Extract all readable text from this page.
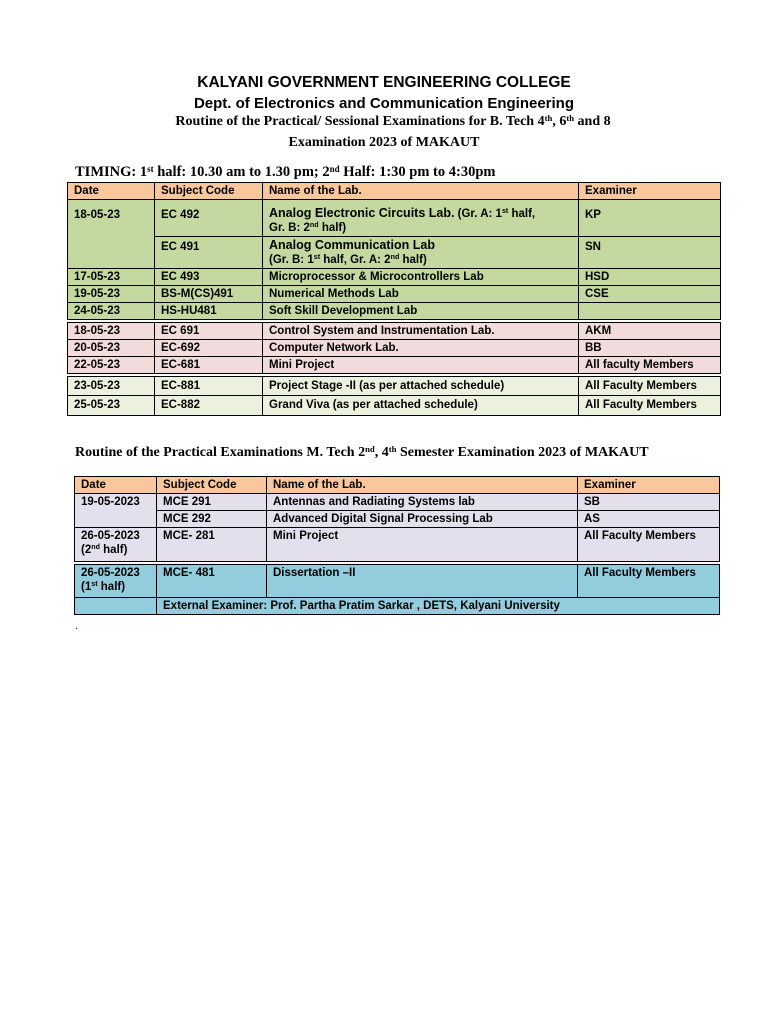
KALYANI GOVERNMENT ENGINEERING COLLEGE
Dept. of Electronics and Communication Engineering
Routine of the Practical/ Sessional Examinations for B. Tech 4th, 6th and 8
Examination 2023 of MAKAUT
TIMING: 1st half: 10.30 am to 1.30 pm; 2nd Half: 1:30 pm to 4:30pm
Date	Subject Code	Name of the Lab.	Examiner
18-05-23	EC 492	Analog Electronic Circuits Lab. (Gr. A: 1st half,
Gr. B: 2nd half)	KP
	EC 491	Analog Communication Lab
(Gr. B: 1st half, Gr. A: 2nd half)	SN
17-05-23	EC 493	Microprocessor & Microcontrollers Lab	HSD
19-05-23	BS-M(CS)491	Numerical Methods Lab	CSE
24-05-23	HS-HU481	Soft Skill Development Lab	

18-05-23	EC 691	Control System and Instrumentation Lab.	AKM
20-05-23	EC-692	Computer Network Lab.	BB
22-05-23	EC-681	Mini Project	All faculty Members

23-05-23	EC-881	Project Stage -II (as per attached schedule)	All Faculty Members
25-05-23	EC-882	Grand Viva (as per attached schedule)	All Faculty Members
Routine of the Practical Examinations M. Tech 2nd, 4th Semester Examination 2023 of MAKAUT
Date	Subject Code	Name of the Lab.	Examiner
19-05-2023	MCE 291	Antennas and Radiating Systems lab	SB
	MCE 292	Advanced Digital Signal Processing Lab	AS
26-05-2023
(2nd half)	MCE- 281	Mini Project	All Faculty Members

26-05-2023
(1st half)	MCE- 481	Dissertation –II	All Faculty Members
	External Examiner: Prof. Partha Pratim Sarkar , DETS, Kalyani University		
.
